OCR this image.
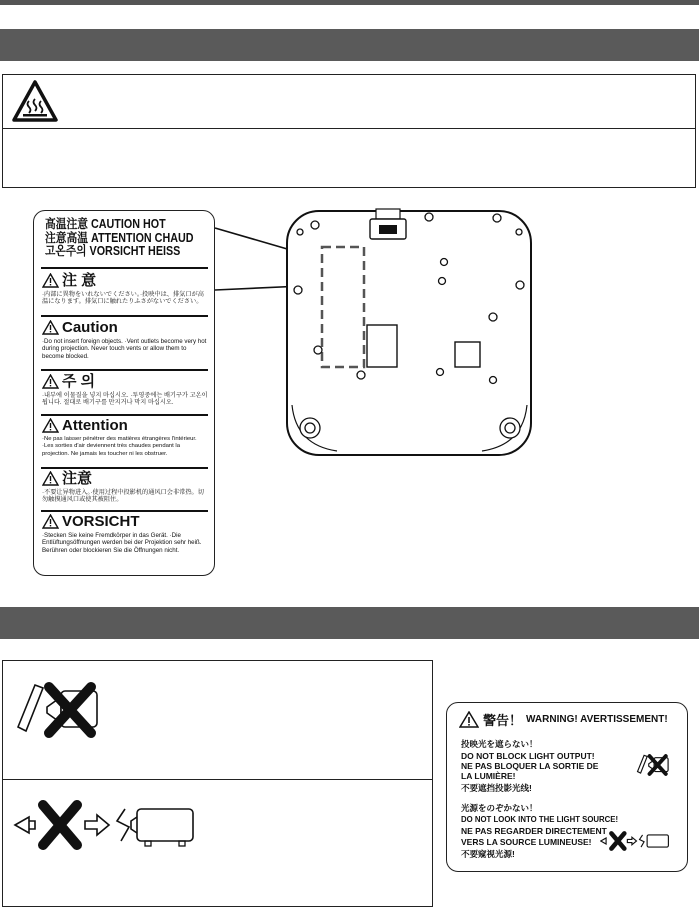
高温注意 CAUTION HOT
注意高温 ATTENTION CHAUD
고온주의 VORSICHT HEISS
注 意
·内部に異物をいれないでください。·投映中は、排気口が高温になります。排気口に触れたりふさがないでください。
Caution
·Do not insert foreign objects. ·Vent outlets become very hot during projection. Never touch vents or allow them to become blocked.
주 의
·내부에 이물질을 넣지 마십시오. ·투영중에는 배기구가 고온이 됩니다. 절대로 배기구를 만지거나 막지 마십시오.
Attention
·Ne pas laisser pénétrer des matières étrangères l'intérieur. ·Les sorties d'air deviennent très chaudes pendant la projection. Ne jamais les toucher ni les obstruer.
注意
·不要让异物进入。·使用过程中投影机的通风口会非常热。切勿触摸通风口或使其被阻住。
VORSICHT
·Stecken Sie keine Fremdkörper in das Gerät. ·Die Entlüftungsöffnungen werden bei der Projektion sehr heiß. Berühren oder blockieren Sie die Öffnungen nicht.
警告！ WARNING! AVERTISSEMENT!
投映光を遮らない！
DO NOT BLOCK LIGHT OUTPUT!
NE PAS BLOQUER LA SORTIE DE
LA LUMIÈRE!
不要遮挡投影光线!
光源をのぞかない！
DO NOT LOOK INTO THE LIGHT SOURCE!
NE PAS REGARDER DIRECTEMENT
VERS LA SOURCE LUMINEUSE!
不要窥视光源!
